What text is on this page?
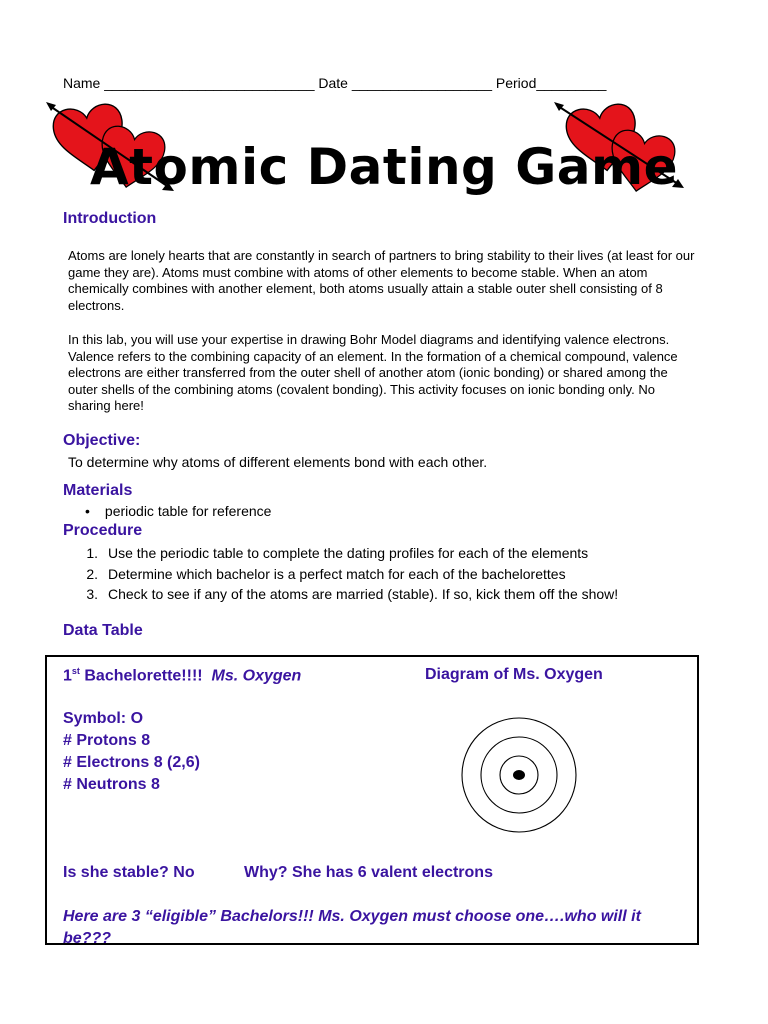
Name ___________________________ Date __________________ Period_________
Atomic Dating Game
Introduction

Atoms are lonely hearts that are constantly in search of partners to bring stability to their lives (at least for our game they are). Atoms must combine with atoms of other elements to become stable. When an atom chemically combines with another element, both atoms usually attain a stable outer shell consisting of 8 electrons.

In this lab, you will use your expertise in drawing Bohr Model diagrams and identifying valence electrons. Valence refers to the combining capacity of an element. In the formation of a chemical compound, valence electrons are either transferred from the outer shell of another atom (ionic bonding) or shared among the outer shells of the combining atoms (covalent bonding). This activity focuses on ionic bonding only. No sharing here!

Objective:
To determine why atoms of different elements bond with each other.
Materials
• periodic table for reference
Procedure
1. Use the periodic table to complete the dating profiles for each of the elements
2. Determine which bachelor is a perfect match for each of the bachelorettes
3. Check to see if any of the atoms are married (stable). If so, kick them off the show!
Data Table
1st Bachelorette!!!! Ms. Oxygen	Diagram of Ms. Oxygen
Symbol: O
# Protons 8
# Electrons 8 (2,6)
# Neutrons 8
Is she stable? No	Why? She has 6 valent electrons
Here are 3 “eligible” Bachelors!!! Ms. Oxygen must choose one….who will it
be???
